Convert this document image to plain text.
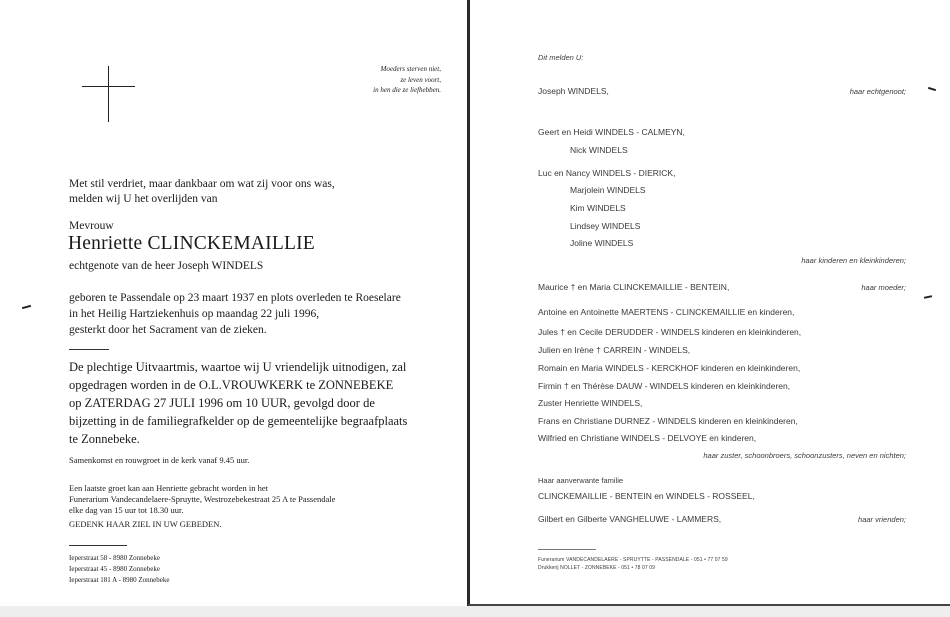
Moeders sterven niet,
ze leven voort,
in hen die ze liefhebben.
Met stil verdriet, maar dankbaar om wat zij voor ons was,
melden wij U het overlijden van
Mevrouw
Henriette CLINCKEMAILLIE
echtgenote van de heer Joseph WINDELS
geboren te Passendale op 23 maart 1937 en plots overleden te Roeselare
in het Heilig Hartziekenhuis op maandag 22 juli 1996,
gesterkt door het Sacrament van de zieken.
De plechtige Uitvaartmis, waartoe wij U vriendelijk uitnodigen, zal
opgedragen worden in de O.L.VROUWKERK te ZONNEBEKE
op ZATERDAG 27 JULI 1996 om 10 UUR, gevolgd door de
bijzetting in de familiegrafkelder op de gemeentelijke begraafplaats
te Zonnebeke.
Samenkomst en rouwgroet in de kerk vanaf 9.45 uur.
Een laatste groet kan aan Henriette gebracht worden in het
Funerarium Vandecandelaere-Spruytte, Westrozebekestraat 25 A te Passendale
elke dag van 15 uur tot 18.30 uur.
GEDENK HAAR ZIEL IN UW GEBEDEN.
Ieperstraat 58 - 8980 Zonnebeke
Ieperstraat 45 - 8980 Zonnebeke
Ieperstraat 181 A - 8980 Zonnebeke
Dit melden U:
Joseph WINDELS,	haar echtgenoot;
Geert en Heidi WINDELS - CALMEYN,
Nick WINDELS
Luc en Nancy WINDELS - DIERICK,
Marjolein WINDELS
Kim WINDELS
Lindsey WINDELS
Joline WINDELS
haar kinderen en kleinkinderen;
Maurice † en Maria CLINCKEMAILLIE - BENTEIN,	haar moeder;
Antoine en Antoinette MAERTENS - CLINCKEMAILLIE en kinderen,
Jules † en Cecile DERUDDER - WINDELS kinderen en kleinkinderen,
Julien en Irène † CARREIN - WINDELS,
Romain en Maria WINDELS - KERCKHOF kinderen en kleinkinderen,
Firmin † en Thérèse DAUW - WINDELS kinderen en kleinkinderen,
Zuster Henriette WINDELS,
Frans en Christiane DURNEZ - WINDELS kinderen en kleinkinderen,
Wilfried en Christiane WINDELS - DELVOYE en kinderen,
haar zuster, schoonbroers, schoonzusters, neven en nichten;
Haar aanverwante familie
CLINCKEMAILLIE - BENTEIN en WINDELS - ROSSEEL,
Gilbert en Gilberte VANGHELUWE - LAMMERS,	haar vrienden;
Funerarium VANDECANDELAERE - SPRUYTTE - PASSENDALE - 051 • 77 07 59
Drukkerij NOLLET - ZONNEBEKE - 051 • 78 07 09
